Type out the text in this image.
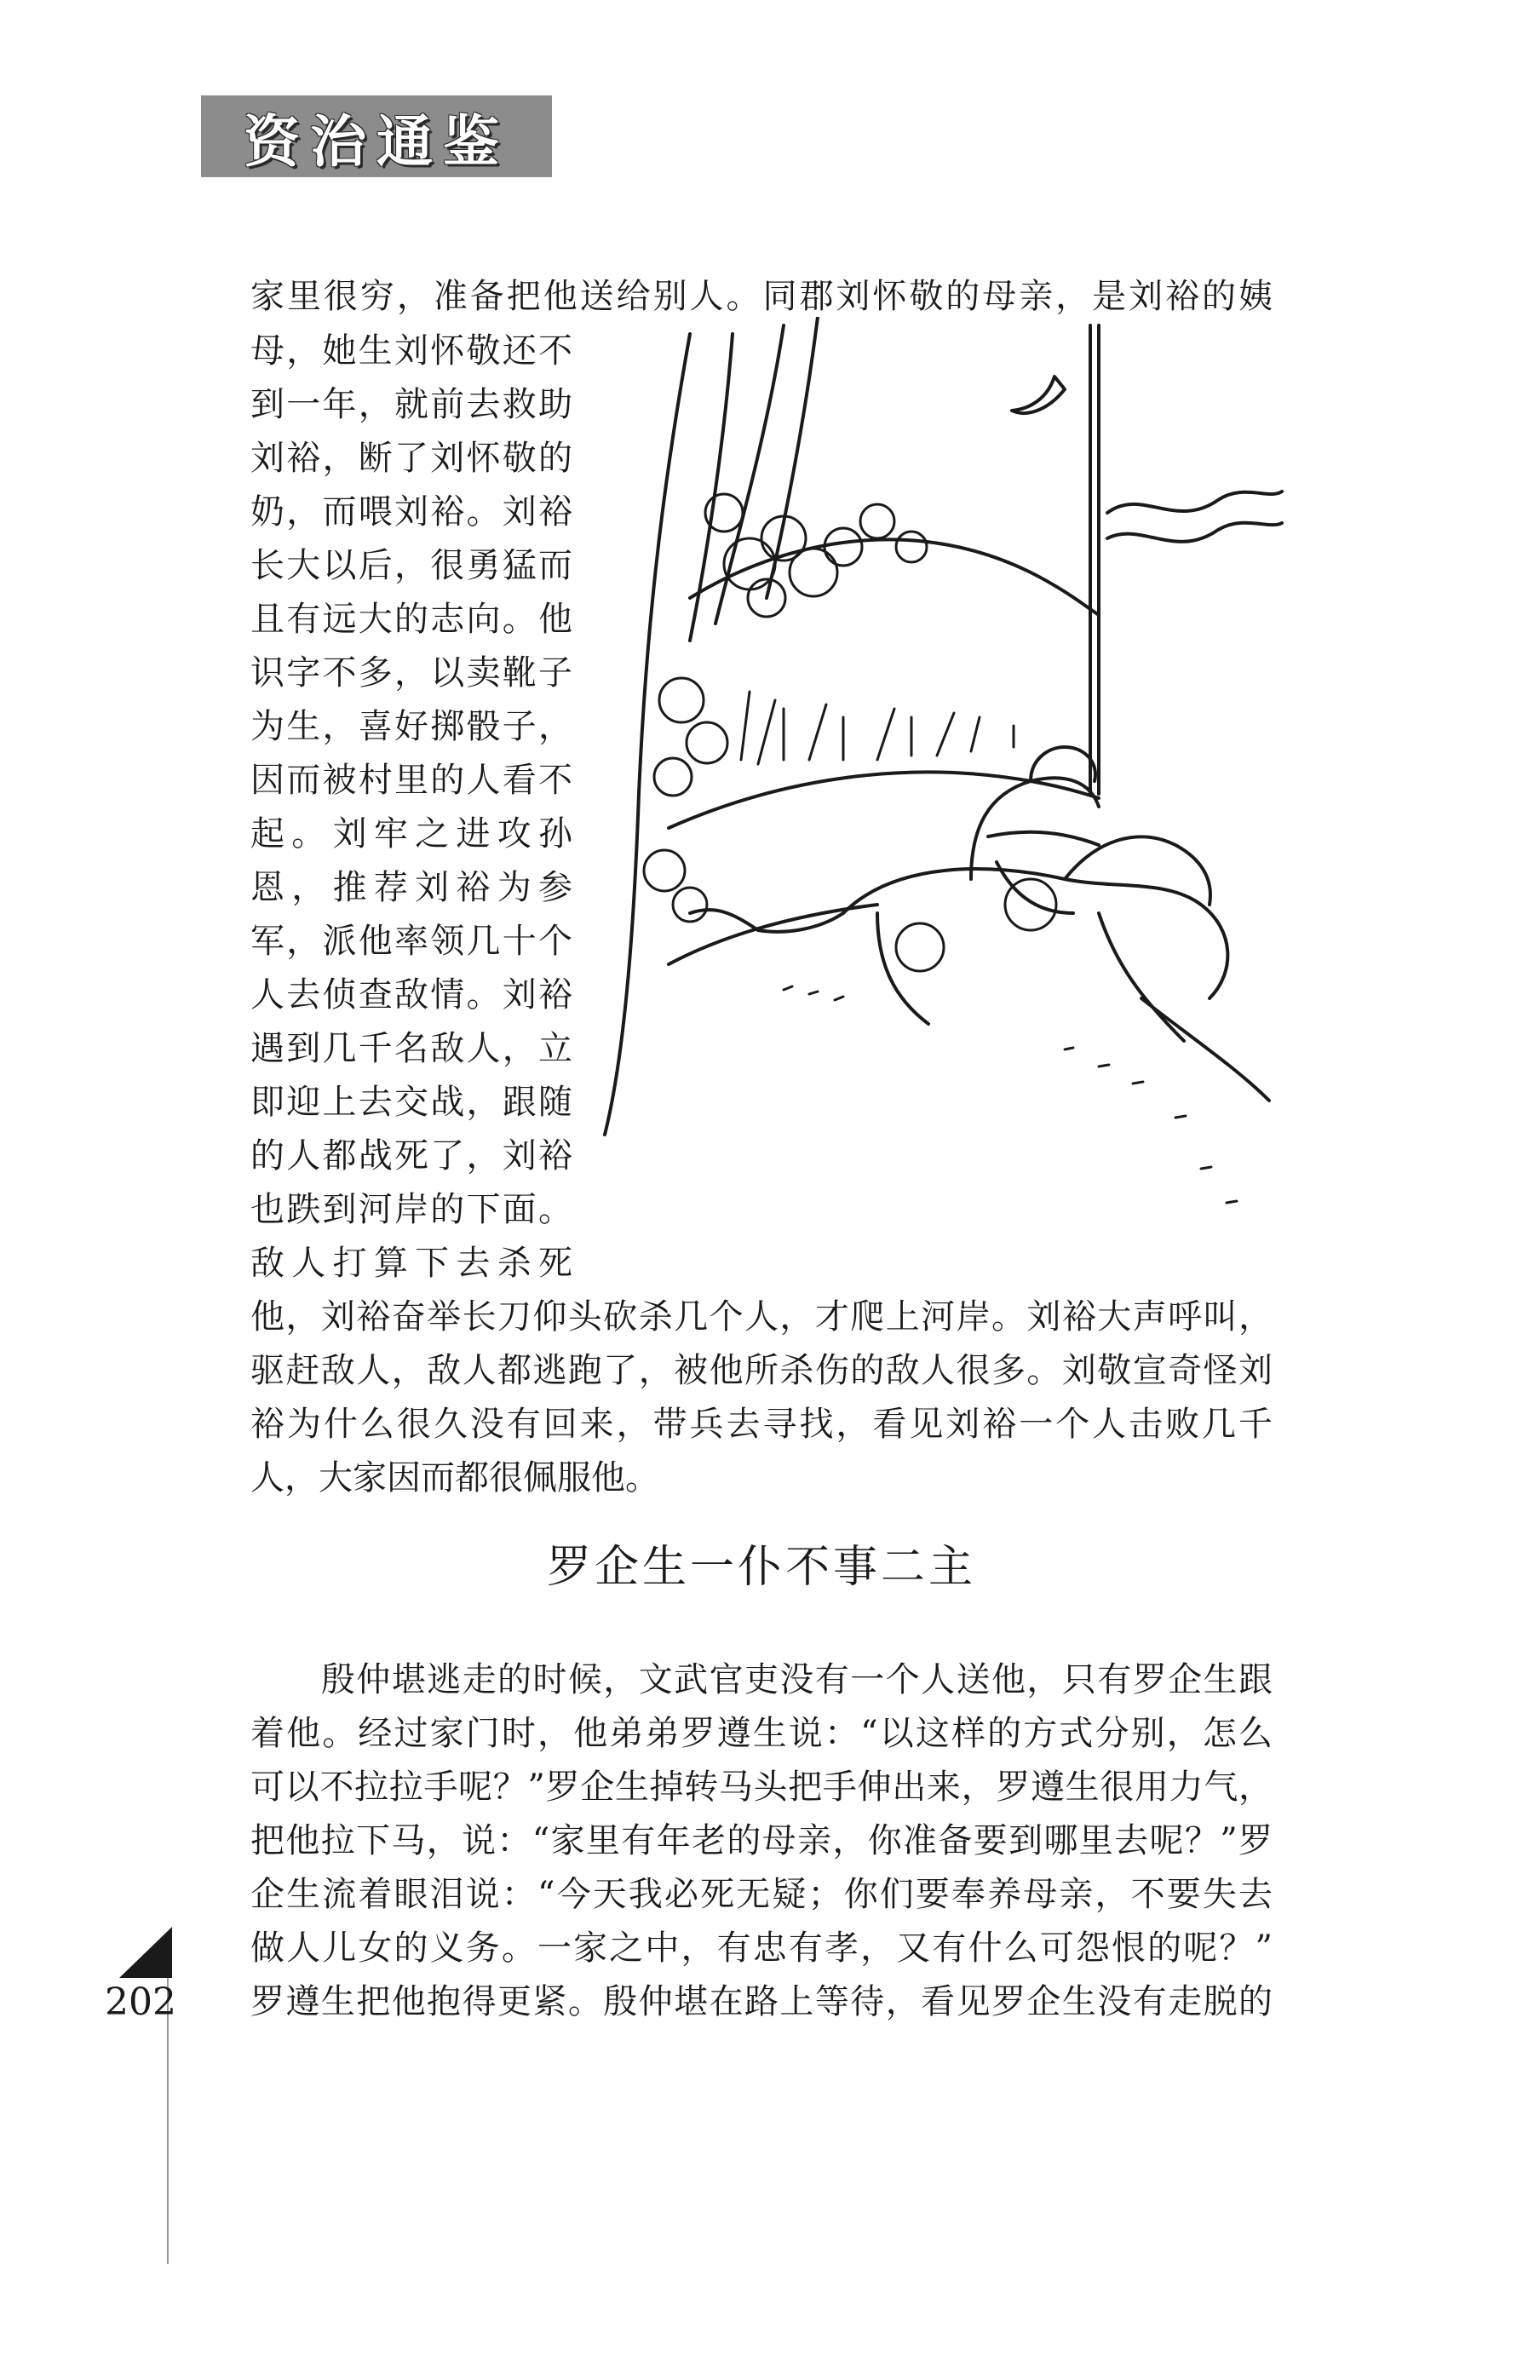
资治通鉴
家里很穷，准备把他送给别人。同郡刘怀敬的母亲，是刘裕的姨
母，她生刘怀敬还不
到一年，就前去救助
刘裕，断了刘怀敬的
奶，而喂刘裕。刘裕
长大以后，很勇猛而
且有远大的志向。他
识字不多，以卖靴子
为生，喜好掷骰子，
因而被村里的人看不
起。刘牢之进攻孙
恩，推荐刘裕为参
军，派他率领几十个
人去侦查敌情。刘裕
遇到几千名敌人，立
即迎上去交战，跟随
的人都战死了，刘裕
也跌到河岸的下面。
敌人打算下去杀死
他，刘裕奋举长刀仰头砍杀几个人，才爬上河岸。刘裕大声呼叫，
驱赶敌人，敌人都逃跑了，被他所杀伤的敌人很多。刘敬宣奇怪刘
裕为什么很久没有回来，带兵去寻找，看见刘裕一个人击败几千
人，大家因而都很佩服他。
罗企生一仆不事二主
　　殷仲堪逃走的时候，文武官吏没有一个人送他，只有罗企生跟
着他。经过家门时，他弟弟罗遵生说：“以这样的方式分别，怎么
可以不拉拉手呢？”罗企生掉转马头把手伸出来，罗遵生很用力气，
把他拉下马，说：“家里有年老的母亲，你准备要到哪里去呢？”罗
企生流着眼泪说：“今天我必死无疑；你们要奉养母亲，不要失去
做人儿女的义务。一家之中，有忠有孝，又有什么可怨恨的呢？”
罗遵生把他抱得更紧。殷仲堪在路上等待，看见罗企生没有走脱的
202
